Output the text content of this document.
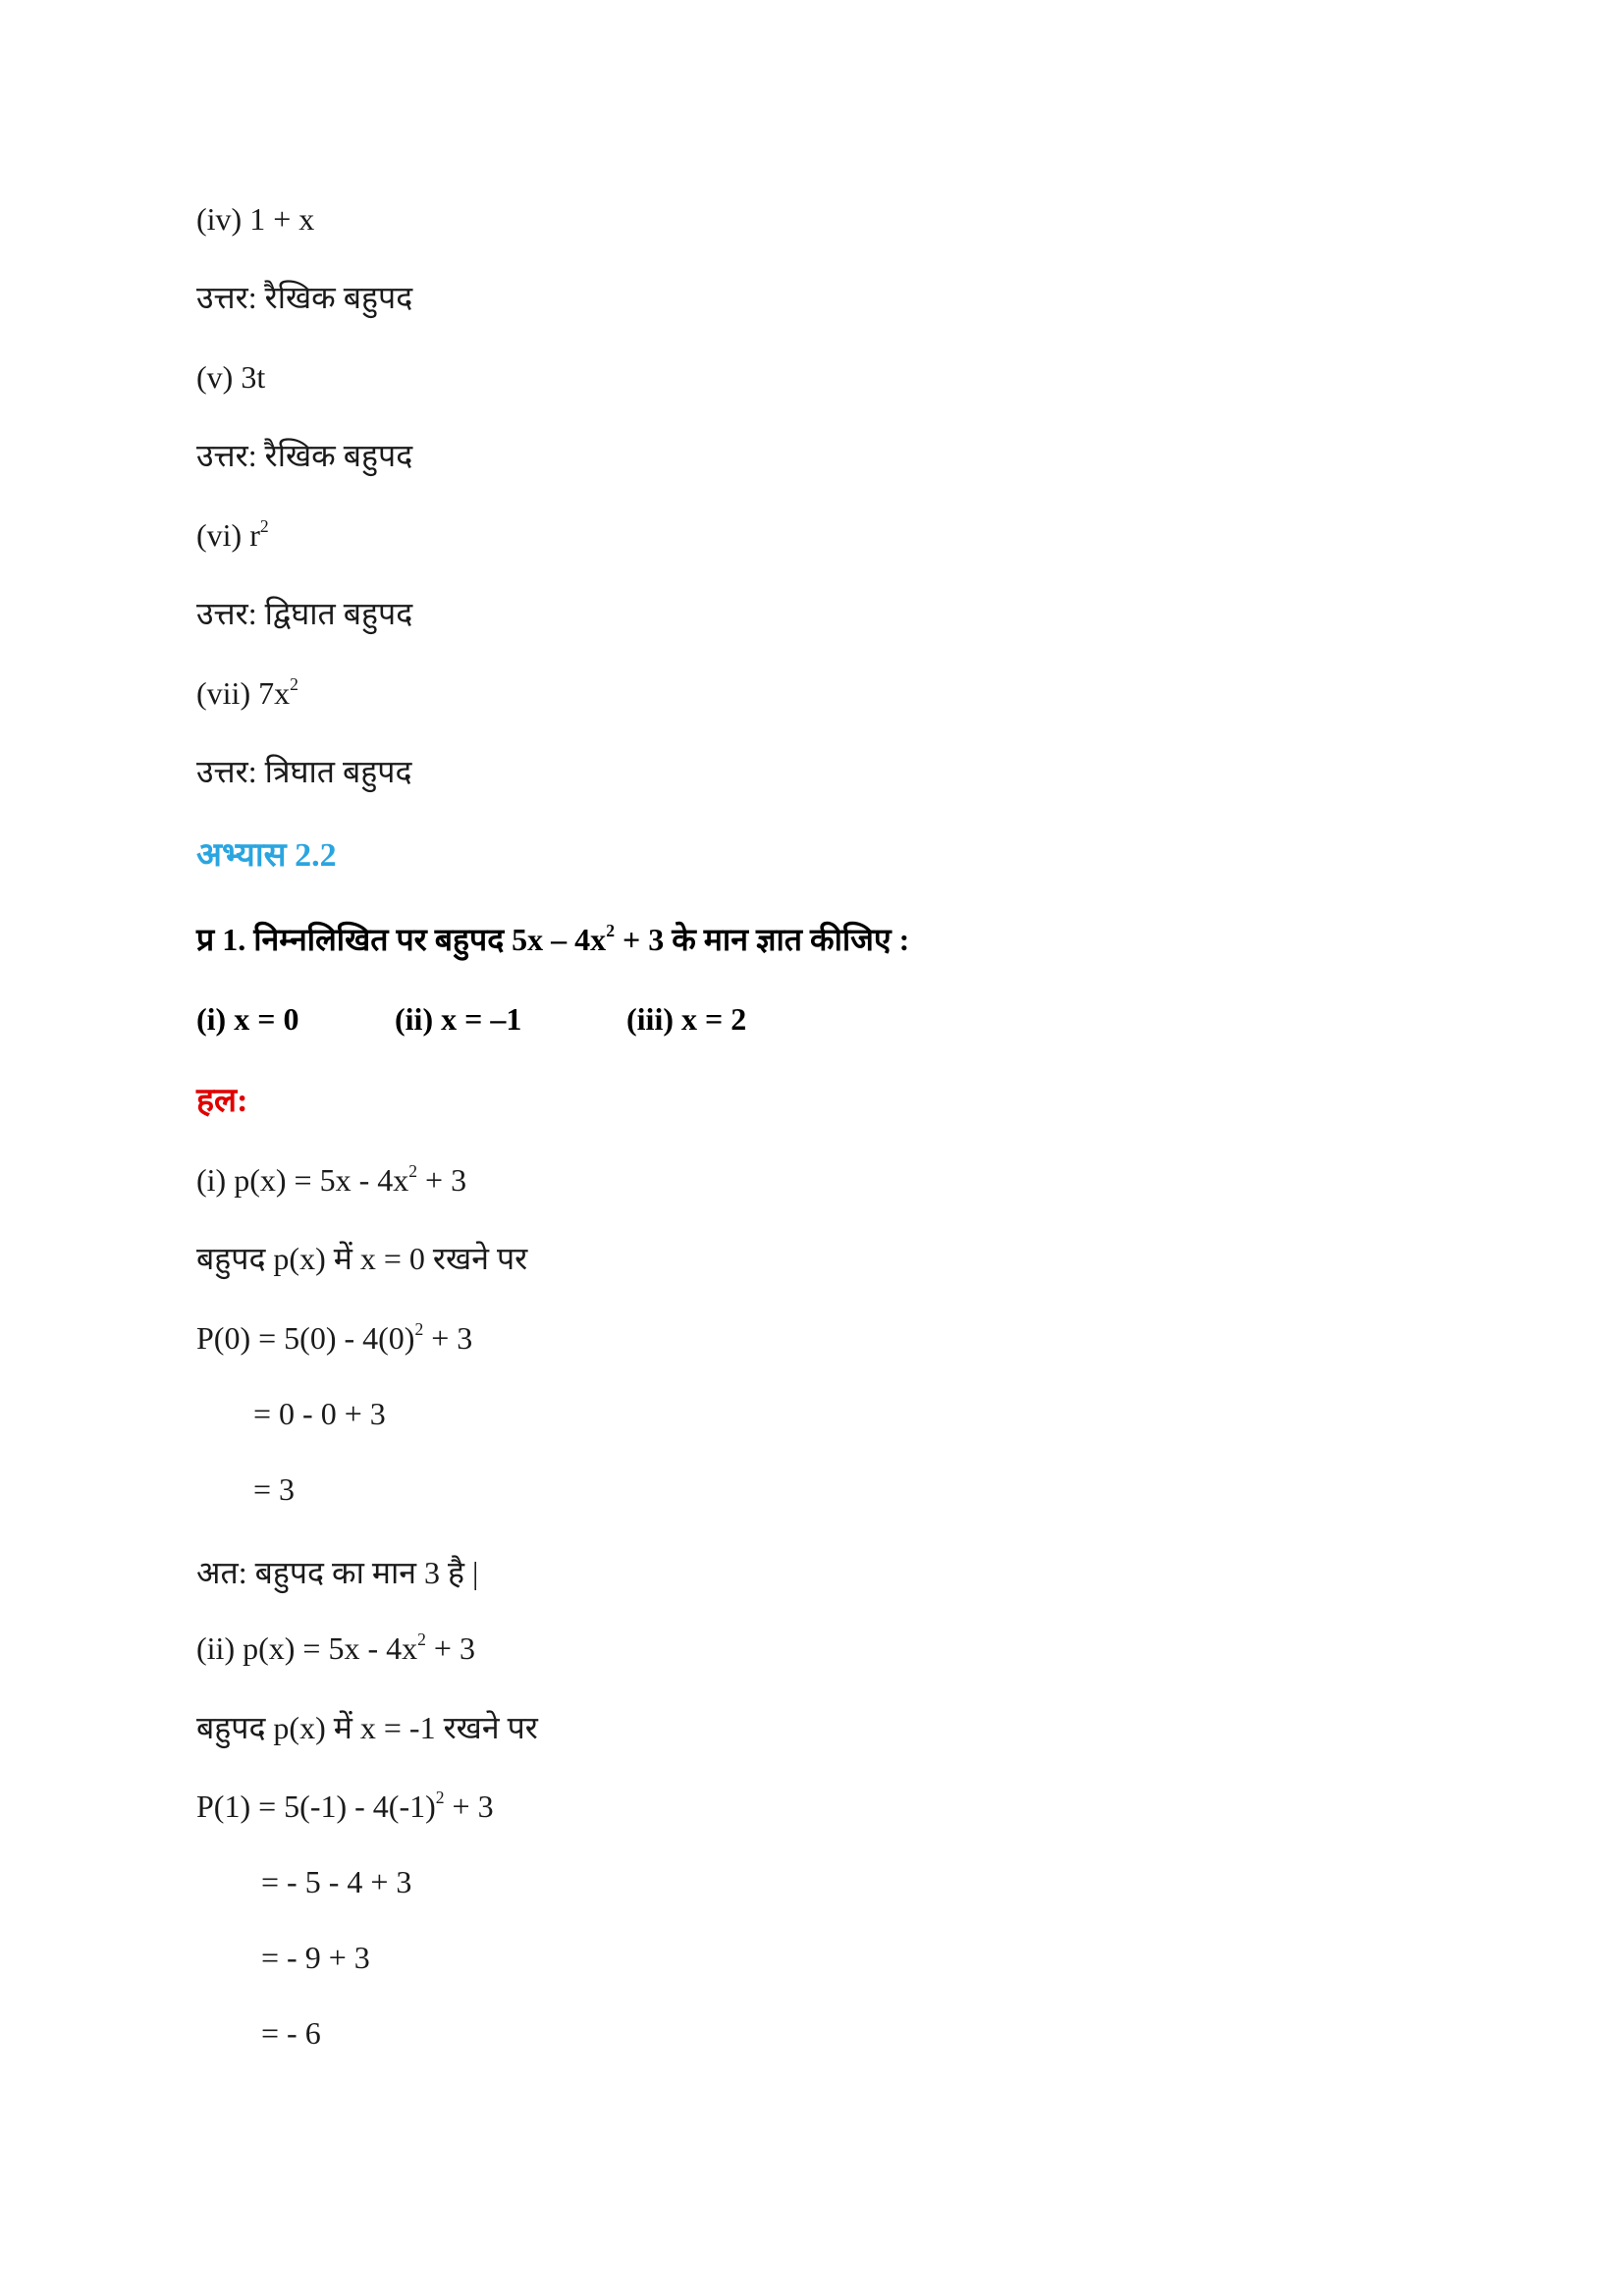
(iv) 1 + x
उत्तर: रैखिक बहुपद
(v) 3t
उत्तर: रैखिक बहुपद
(vi) $r^2$
उत्तर: द्विघात बहुपद
(vii) $7x^2$
उत्तर: त्रिघात बहुपद
अभ्यास 2.2
प्र 1. निम्नलिखित पर बहुपद $5x - 4x^2 + 3$ के मान ज्ञात कीजिए :
(i) x = 0	(ii) x = –1	(iii) x = 2
हल:
(i) $p(x) = 5x - 4x^2 + 3$
बहुपद p(x) में x = 0 रखने पर
$P(0) = 5(0) - 4(0)^2 + 3$
= 0 - 0 + 3
= 3
अत: बहुपद का मान 3 है |
(ii) $p(x) = 5x - 4x^2 + 3$
बहुपद p(x) में x = -1 रखने पर
$P(1) = 5(-1) - 4(-1)^2 + 3$
= - 5 - 4 + 3
= - 9 + 3
= - 6
